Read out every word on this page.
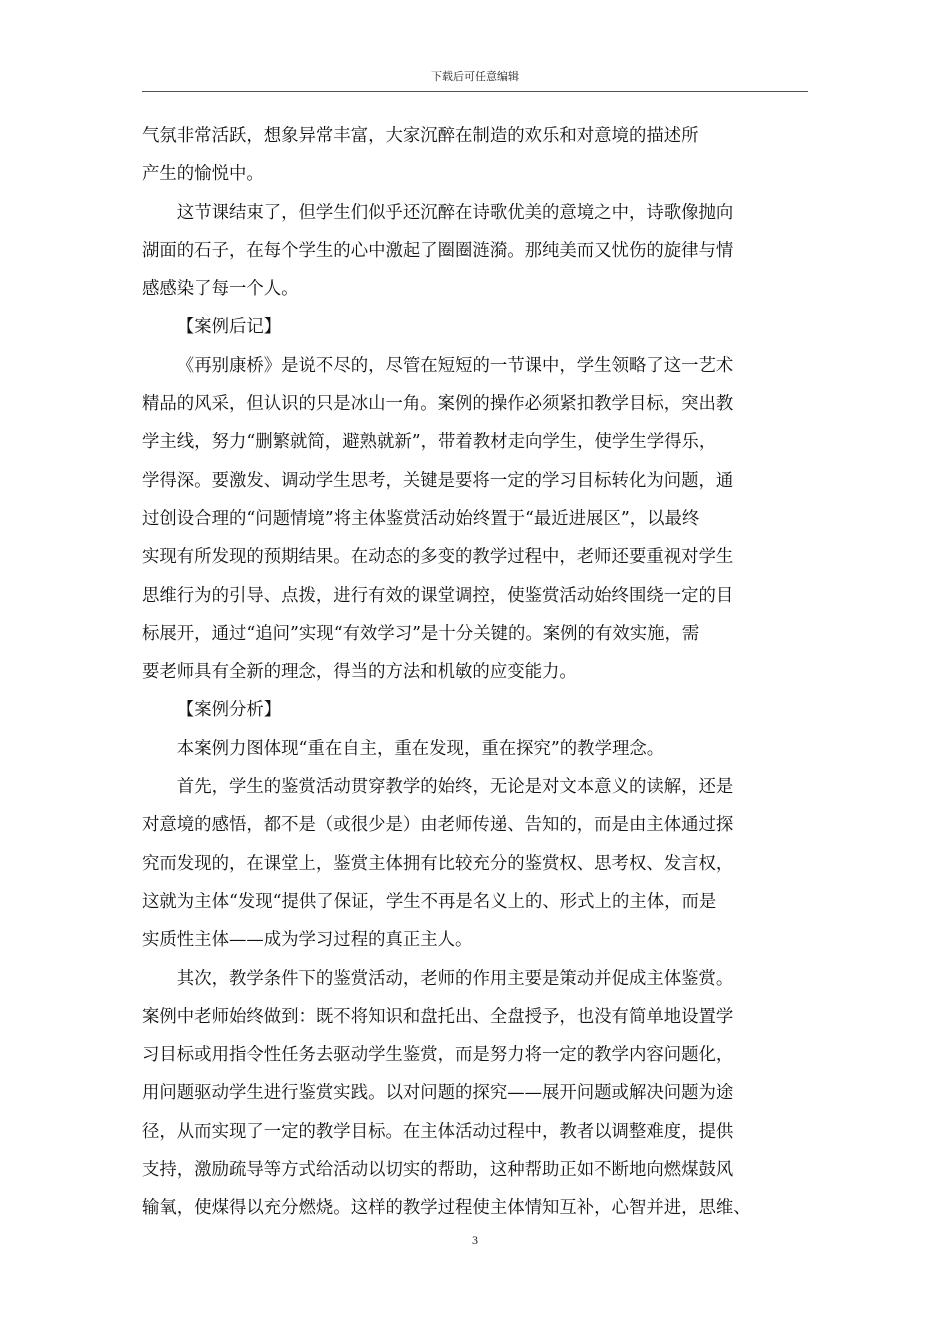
下载后可任意编辑

气氛非常活跃，想象异常丰富，大家沉醉在制造的欢乐和对意境的描述所
产生的愉悦中。

这节课结束了，但学生们似乎还沉醉在诗歌优美的意境之中，诗歌像抛向
湖面的石子，在每个学生的心中激起了圈圈涟漪。那纯美而又忧伤的旋律与情
感感染了每一个人。

【案例后记】

《再别康桥》是说不尽的，尽管在短短的一节课中，学生领略了这一艺术
精品的风采，但认识的只是冰山一角。案例的操作必须紧扣教学目标，突出教
学主线，努力“删繁就简，避熟就新”，带着教材走向学生，使学生学得乐，
学得深。要激发、调动学生思考，关键是要将一定的学习目标转化为问题，通
过创设合理的“问题情境”将主体鉴赏活动始终置于“最近进展区”，以最终
实现有所发现的预期结果。在动态的多变的教学过程中，老师还要重视对学生
思维行为的引导、点拨，进行有效的课堂调控，使鉴赏活动始终围绕一定的目
标展开，通过“追问”实现“有效学习”是十分关键的。案例的有效实施，需
要老师具有全新的理念，得当的方法和机敏的应变能力。

【案例分析】

本案例力图体现“重在自主，重在发现，重在探究”的教学理念。

首先，学生的鉴赏活动贯穿教学的始终，无论是对文本意义的读解，还是
对意境的感悟，都不是（或很少是）由老师传递、告知的，而是由主体通过探
究而发现的，在课堂上，鉴赏主体拥有比较充分的鉴赏权、思考权、发言权，
这就为主体“发现“提供了保证，学生不再是名义上的、形式上的主体，而是
实质性主体——成为学习过程的真正主人。

其次，教学条件下的鉴赏活动，老师的作用主要是策动并促成主体鉴赏。
案例中老师始终做到：既不将知识和盘托出、全盘授予，也没有简单地设置学
习目标或用指令性任务去驱动学生鉴赏，而是努力将一定的教学内容问题化，
用问题驱动学生进行鉴赏实践。以对问题的探究——展开问题或解决问题为途
径，从而实现了一定的教学目标。在主体活动过程中，教者以调整难度，提供
支持，激励疏导等方式给活动以切实的帮助，这种帮助正如不断地向燃煤鼓风
输氧，使煤得以充分燃烧。这样的教学过程使主体情知互补，心智并进，思维、

3
